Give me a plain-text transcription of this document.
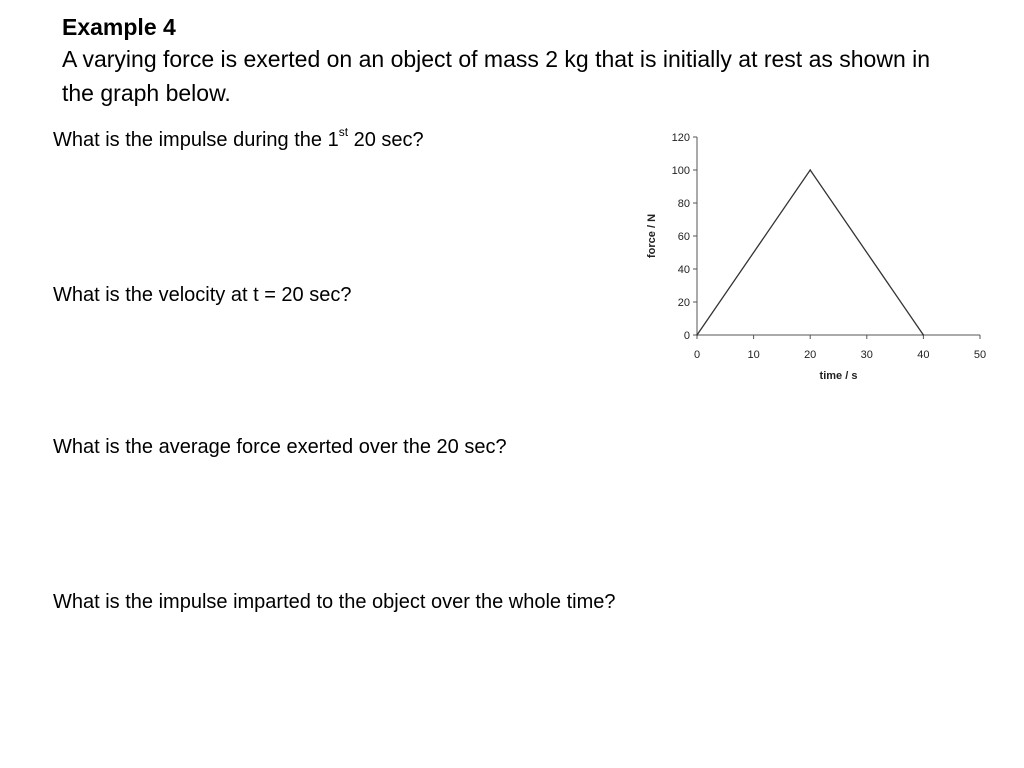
Example 4
A varying force is exerted on an object of mass 2 kg that is initially at rest as shown in the graph below.
What is the impulse during the 1st 20 sec?
What is the velocity at t = 20 sec?
What is the average force exerted over the 20 sec?
What is the impulse imparted to the object over the whole time?
0
20
40
60
80
100
120
0	10	20	30	40	50
time / s
force / N
